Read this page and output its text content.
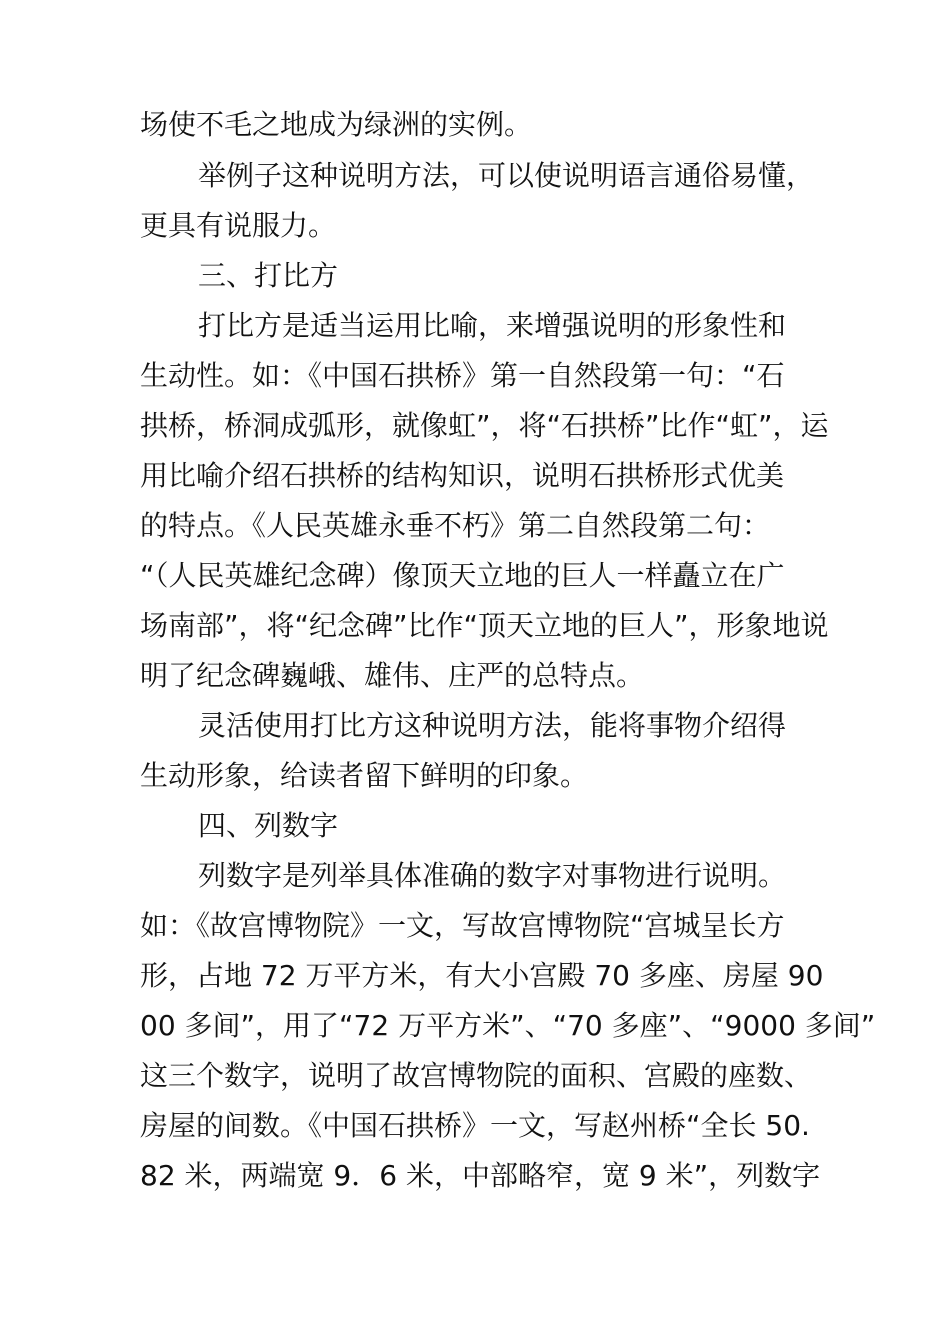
场使不毛之地成为绿洲的实例。
举例子这种说明方法，可以使说明语言通俗易懂，
更具有说服力。
三、打比方
打比方是适当运用比喻，来增强说明的形象性和
生动性。如：《中国石拱桥》第一自然段第一句：“石
拱桥，桥洞成弧形，就像虹”，将“石拱桥”比作“虹”，运
用比喻介绍石拱桥的结构知识，说明石拱桥形式优美
的特点。《人民英雄永垂不朽》第二自然段第二句：
“（人民英雄纪念碑）像顶天立地的巨人一样矗立在广
场南部”，将“纪念碑”比作“顶天立地的巨人”，形象地说
明了纪念碑巍峨、雄伟、庄严的总特点。
灵活使用打比方这种说明方法，能将事物介绍得
生动形象，给读者留下鲜明的印象。
四、列数字
列数字是列举具体准确的数字对事物进行说明。
如：《故宫博物院》一文，写故宫博物院“宫城呈长方
形，占地 72 万平方米，有大小宫殿 70 多座、房屋 90
00 多间”，用了“72 万平方米”、“70 多座”、“9000 多间”
这三个数字，说明了故宫博物院的面积、宫殿的座数、
房屋的间数。《中国石拱桥》一文，写赵州桥“全长 50.
82 米，两端宽 9．6 米，中部略窄，宽 9 米”，列数字
